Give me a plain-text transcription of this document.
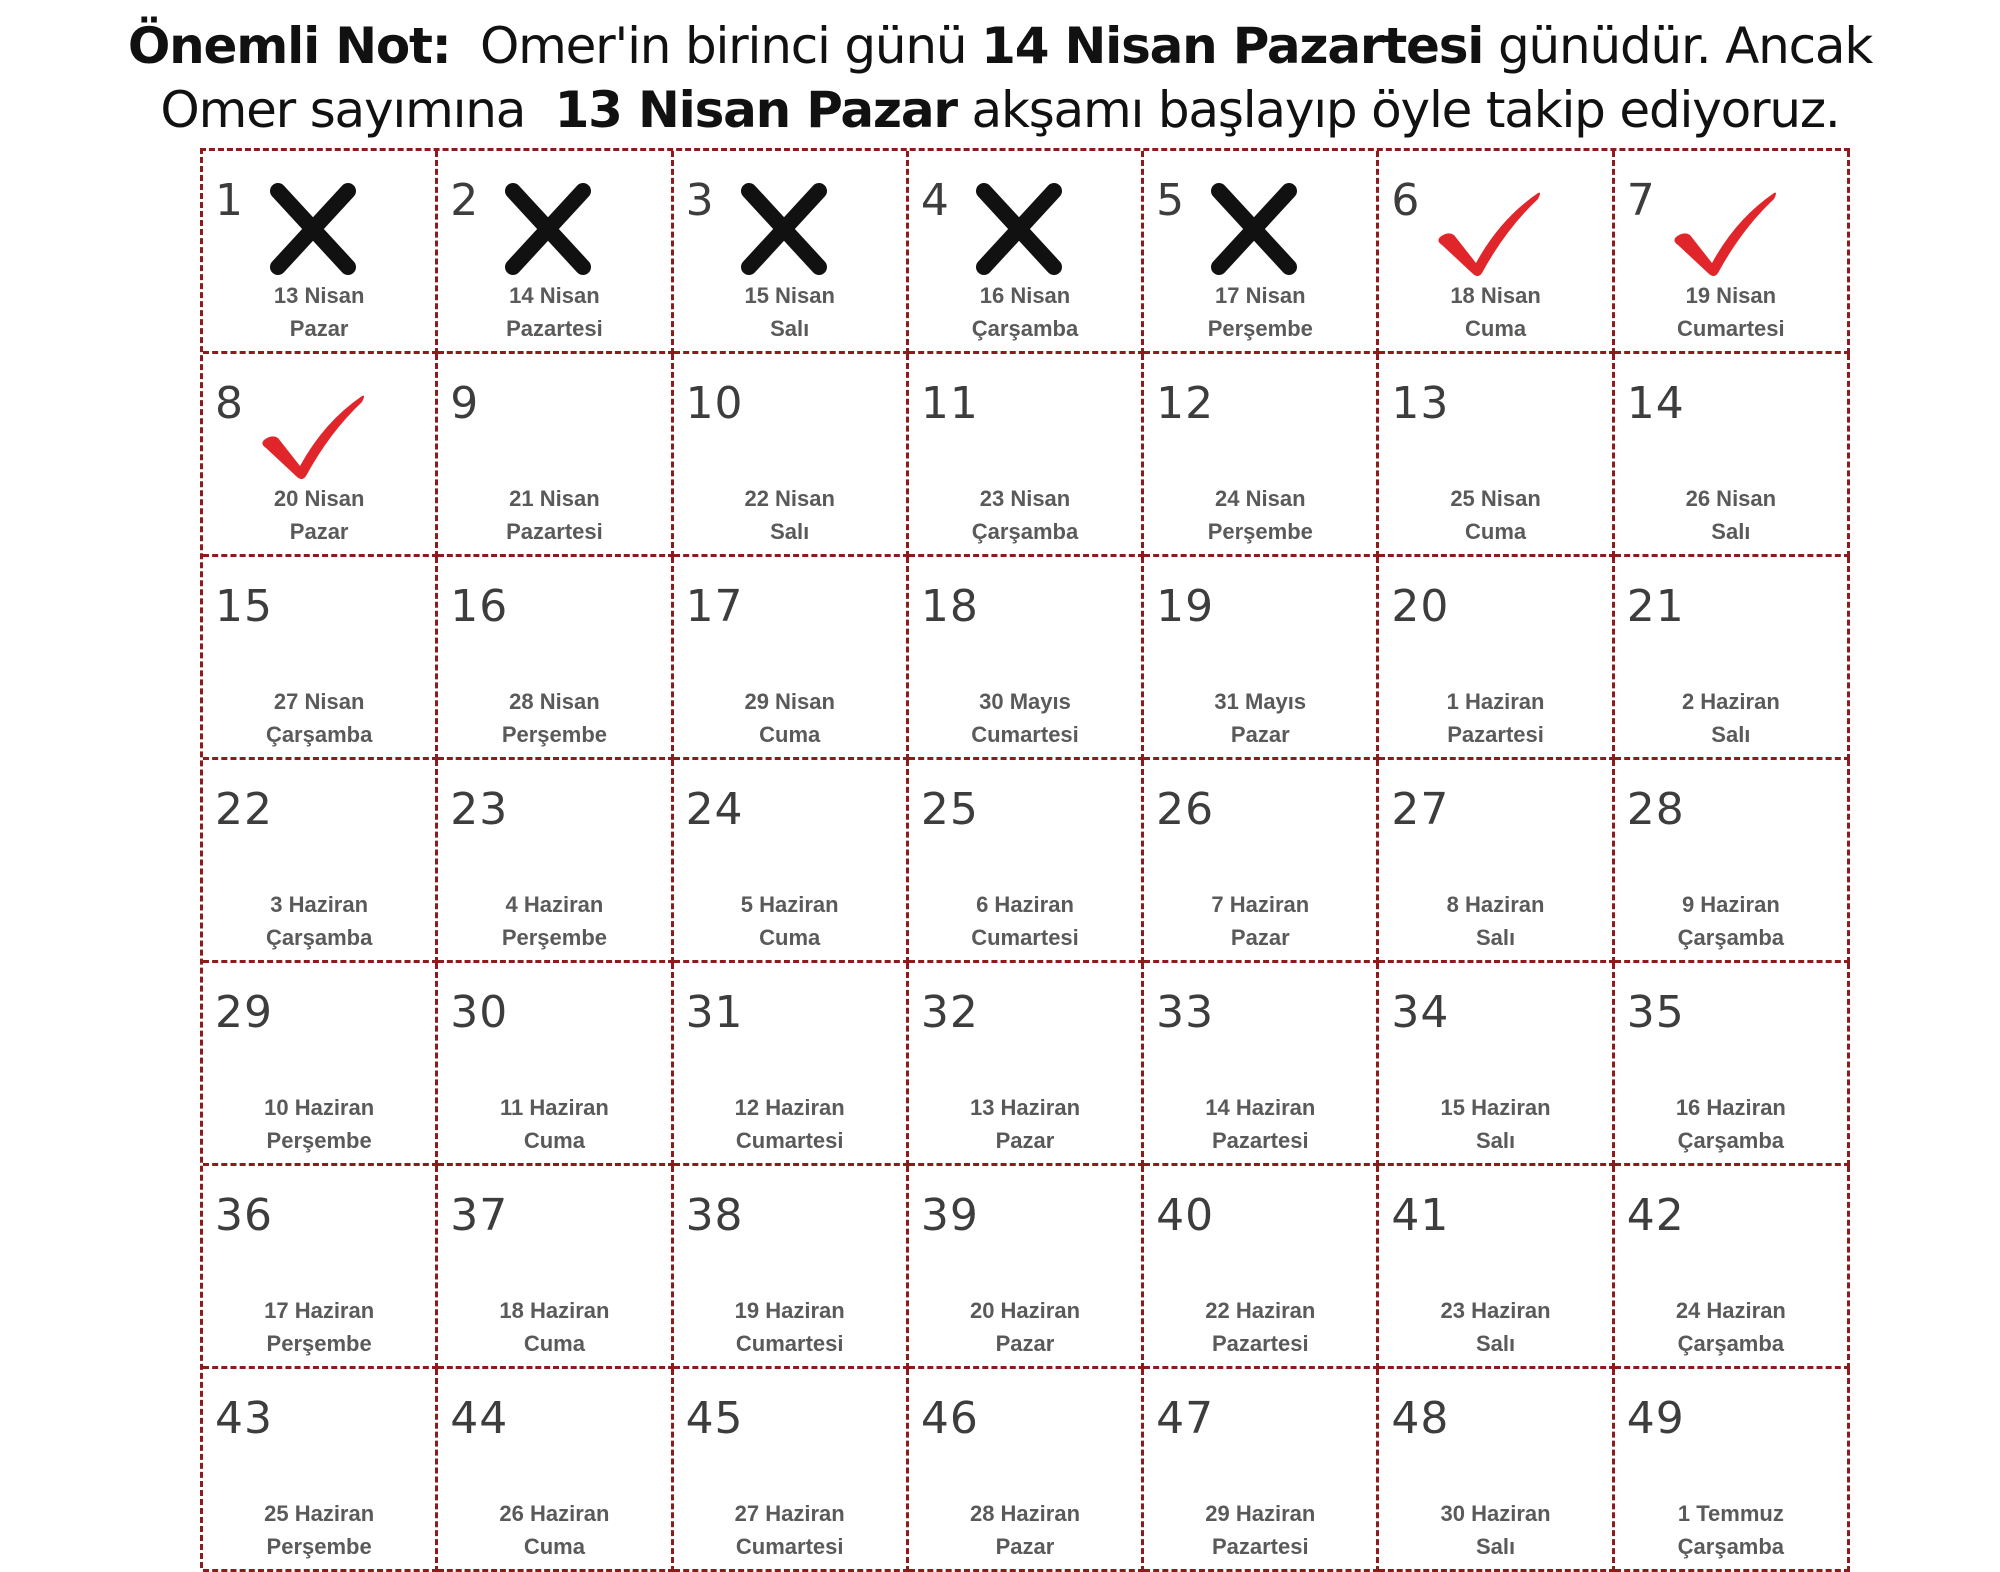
Önemli Not: Omer'in birinci günü 14 Nisan Pazartesi günüdür. Ancak
Omer sayımına 13 Nisan Pazar akşamı başlayıp öyle takip ediyoruz.
1
13 Nisan
Pazar
2
14 Nisan
Pazartesi
3
15 Nisan
Salı
4
16 Nisan
Çarşamba
5
17 Nisan
Perşembe
6
18 Nisan
Cuma
7
19 Nisan
Cumartesi
8
20 Nisan
Pazar
9
21 Nisan
Pazartesi
10
22 Nisan
Salı
11
23 Nisan
Çarşamba
12
24 Nisan
Perşembe
13
25 Nisan
Cuma
14
26 Nisan
Salı
15
27 Nisan
Çarşamba
16
28 Nisan
Perşembe
17
29 Nisan
Cuma
18
30 Mayıs
Cumartesi
19
31 Mayıs
Pazar
20
1 Haziran
Pazartesi
21
2 Haziran
Salı
22
3 Haziran
Çarşamba
23
4 Haziran
Perşembe
24
5 Haziran
Cuma
25
6 Haziran
Cumartesi
26
7 Haziran
Pazar
27
8 Haziran
Salı
28
9 Haziran
Çarşamba
29
10 Haziran
Perşembe
30
11 Haziran
Cuma
31
12 Haziran
Cumartesi
32
13 Haziran
Pazar
33
14 Haziran
Pazartesi
34
15 Haziran
Salı
35
16 Haziran
Çarşamba
36
17 Haziran
Perşembe
37
18 Haziran
Cuma
38
19 Haziran
Cumartesi
39
20 Haziran
Pazar
40
22 Haziran
Pazartesi
41
23 Haziran
Salı
42
24 Haziran
Çarşamba
43
25 Haziran
Perşembe
44
26 Haziran
Cuma
45
27 Haziran
Cumartesi
46
28 Haziran
Pazar
47
29 Haziran
Pazartesi
48
30 Haziran
Salı
49
1 Temmuz
Çarşamba
